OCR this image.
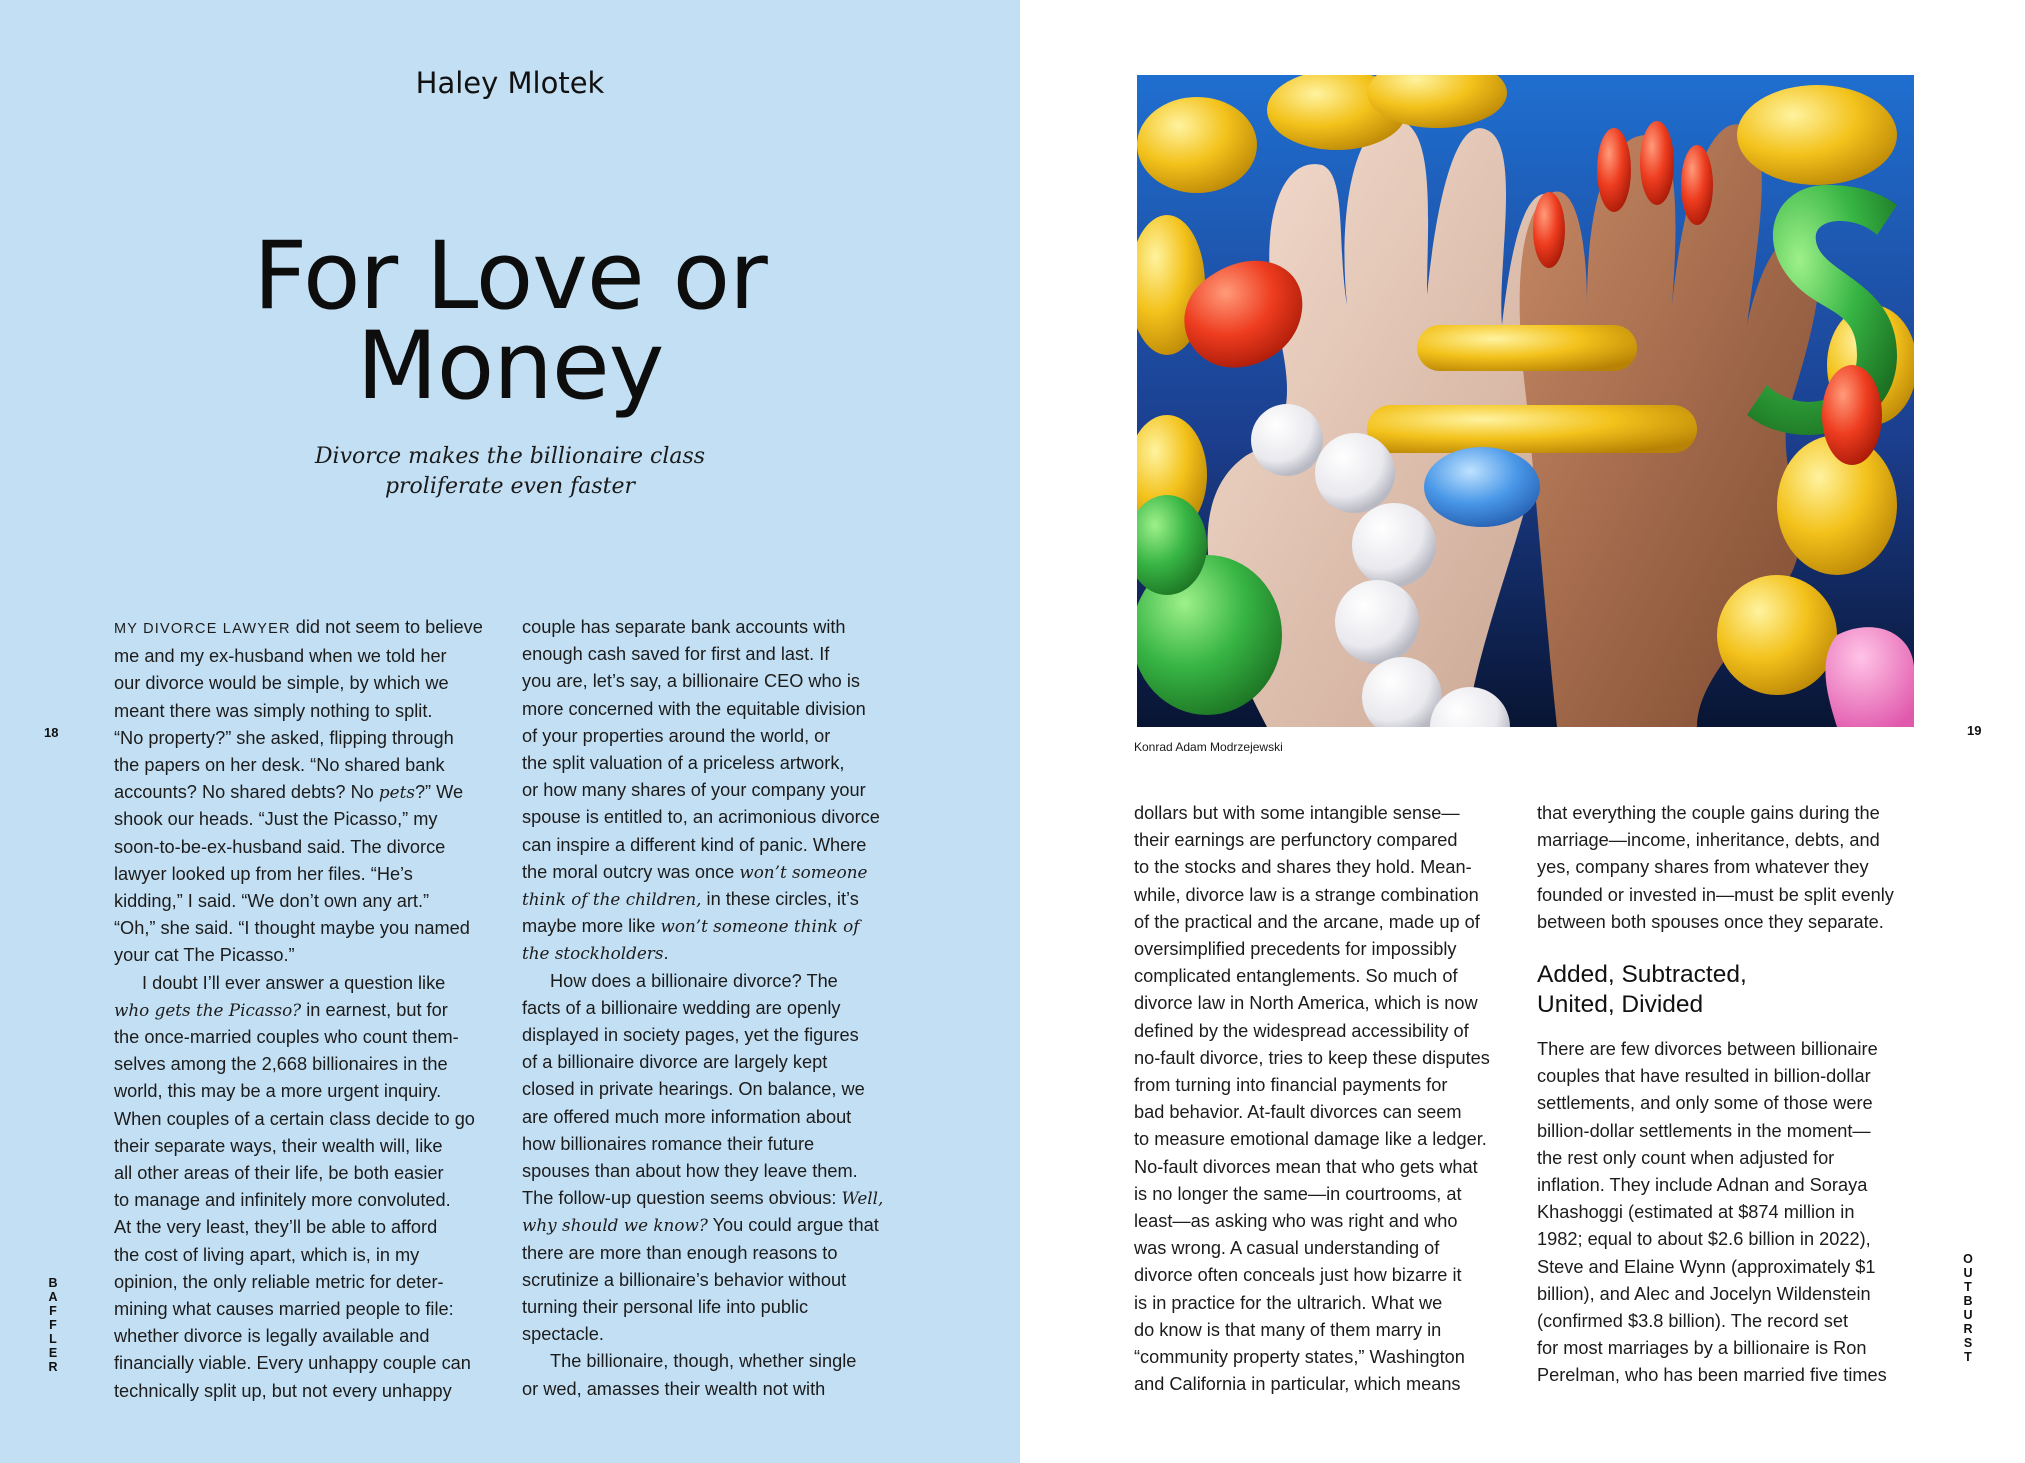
Haley Mlotek
For Love or
Money
Divorce makes the billionaire class
proliferate even faster
18
B
A
F
F
L
E
R

MY DIVORCE LAWYER did not seem to believe

me and my ex-husband when we told her

our divorce would be simple, by which we

meant there was simply nothing to split.

“No property?” she asked, flipping through

the papers on her desk. “No shared bank

accounts? No shared debts? No pets?” We

shook our heads. “Just the Picasso,” my

soon-to-be-ex-husband said. The divorce

lawyer looked up from her files. “He’s

kidding,” I said. “We don’t own any art.”

“Oh,” she said. “I thought maybe you named

your cat The Picasso.”

I doubt I’ll ever answer a question like

who gets the Picasso? in earnest, but for

the once-married couples who count them-

selves among the 2,668 billionaires in the

world, this may be a more urgent inquiry.

When couples of a certain class decide to go

their separate ways, their wealth will, like

all other areas of their life, be both easier

to manage and infinitely more convoluted.

At the very least, they’ll be able to afford

the cost of living apart, which is, in my

opinion, the only reliable metric for deter-

mining what causes married people to file:

whether divorce is legally available and

financially viable. Every unhappy couple can

technically split up, but not every unhappy

couple has separate bank accounts with

enough cash saved for first and last. If

you are, let’s say, a billionaire CEO who is

more concerned with the equitable division

of your properties around the world, or

the split valuation of a priceless artwork,

or how many shares of your company your

spouse is entitled to, an acrimonious divorce

can inspire a different kind of panic. Where

the moral outcry was once won’t someone

think of the children, in these circles, it’s

maybe more like won’t someone think of

the stockholders.

How does a billionaire divorce? The

facts of a billionaire wedding are openly

displayed in society pages, yet the figures

of a billionaire divorce are largely kept

closed in private hearings. On balance, we

are offered much more information about

how billionaires romance their future

spouses than about how they leave them.

The follow-up question seems obvious: Well,

why should we know? You could argue that

there are more than enough reasons to

scrutinize a billionaire’s behavior without

turning their personal life into public

spectacle.

The billionaire, though, whether single

or wed, amasses their wealth not with

Konrad Adam Modrzejewski
19
O
U
T
B
U
R
S
T

dollars but with some intangible sense—

their earnings are perfunctory compared

to the stocks and shares they hold. Mean-

while, divorce law is a strange combination

of the practical and the arcane, made up of

oversimplified precedents for impossibly

complicated entanglements. So much of

divorce law in North America, which is now

defined by the widespread accessibility of

no-fault divorce, tries to keep these disputes

from turning into financial payments for

bad behavior. At-fault divorces can seem

to measure emotional damage like a ledger.

No-fault divorces mean that who gets what

is no longer the same—in courtrooms, at

least—as asking who was right and who

was wrong. A casual understanding of

divorce often conceals just how bizarre it

is in practice for the ultrarich. What we

do know is that many of them marry in

“community property states,” Washington

and California in particular, which means

that everything the couple gains during the

marriage—income, inheritance, debts, and

yes, company shares from whatever they

founded or invested in—must be split evenly

between both spouses once they separate.

Added, Subtracted,
United, Divided

There are few divorces between billionaire

couples that have resulted in billion-dollar

settlements, and only some of those were

billion-dollar settlements in the moment—

the rest only count when adjusted for

inflation. They include Adnan and Soraya

Khashoggi (estimated at $874 million in

1982; equal to about $2.6 billion in 2022),

Steve and Elaine Wynn (approximately $1

billion), and Alec and Jocelyn Wildenstein

(confirmed $3.8 billion). The record set

for most marriages by a billionaire is Ron

Perelman, who has been married five times
